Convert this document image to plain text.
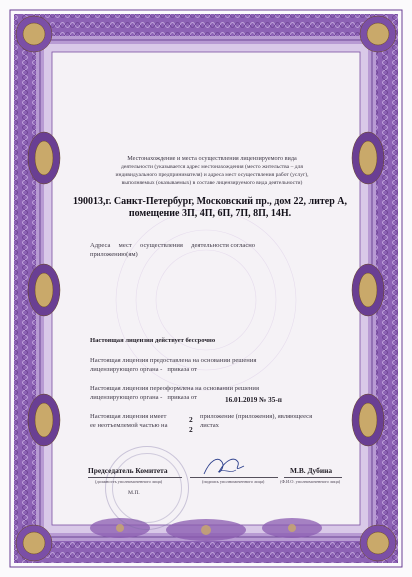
Местонахождение и места осуществления лицензируемого вида
деятельности (указывается адрес местонахождения (место жительства – для
индивидуального предпринимателя) и адреса мест осуществления работ (услуг),
выполняемых (оказываемых) в составе лицензируемого вида деятельности)
190013,г. Санкт-Петербург, Московский пр., дом 22, литер А,
помещение 3П, 4П, 6П, 7П, 8П, 14Н.
Адреса     мест     осуществления     деятельности согласно
приложению(ям)
Настоящая лицензия действует бессрочно
Настоящая лицензия предоставлена на основании решения
лицензирующего органа -   приказа от
Настоящая лицензия переоформлена на основании решения
лицензирующего органа -   приказа от	16.01.2019 № 35-п
Настоящая лицензия имеет	2 приложение (приложения), являющееся
ее неотъемлемой частью на	2 листах
Председатель Комитета
(должность уполномоченного лица)	(подпись уполномоченного лица)
М.В. Дубина
(Ф.И.О. уполномоченного лица)
М.П.
